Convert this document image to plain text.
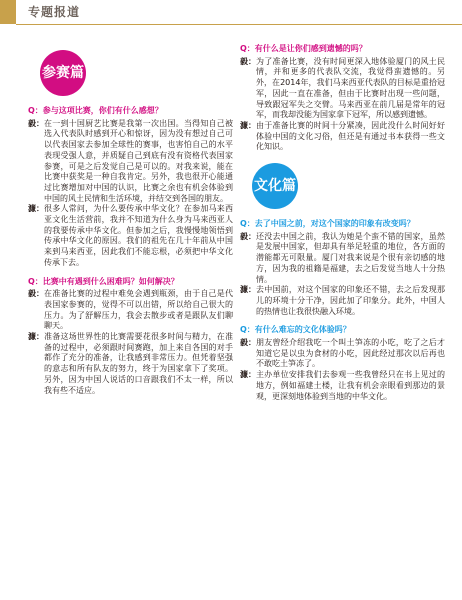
专题报道
参赛篇
Q：参与这项比赛，你们有什么感想？
毅： 在一到十国厨艺比赛是我第一次出国。当得知自己被选入代表队时感到开心和惊讶，因为没有想过自己可以代表国家去参加全球性的赛事，也害怕自己的水平表现受强人意，并质疑自己到底有没有资格代表国家参赛，可是之后发觉自己是可以的。对我来说，能在比赛中获奖是一种自我肯定。另外，我也很开心能通过比赛增加对中国的认识，比赛之余也有机会体验到中国的风土民情和生活环境，并结交到各国的朋友。
濂： 很多人常问，为什么要传承中华文化？在参加马来西亚文化生活营前，我并不知道为什么身为马来西亚人的我要传承中华文化。但参加之后，我慢慢地领悟到传承中华文化的原因。我们的祖先在几十年前从中国来到马来西亚，因此我们不能忘根，必须把中华文化传承下去。
Q：比赛中有遇到什么困难吗？如何解决？
毅： 在准备比赛的过程中难免会遇到瓶颈，由于自己是代表国家参赛的，觉得不可以出错，所以给自己很大的压力。为了舒解压力，我会去散步或者是跟队友们聊聊天。
濂： 准备这场世界性的比赛需要花很多时间与精力，在准备的过程中，必须跟时间赛跑，加上来自各国的对手都作了充分的准备，让我感到非常压力。但凭着坚强的意志和所有队友的努力，终于为国家拿下了奖项。另外，因为中国人说话的口音跟我们不太一样，所以我有些不适应。
Q：有什么是让你们感到遗憾的吗？
毅： 为了准备比赛，没有时间更深入地体验厦门的风土民情，并和更多的代表队交流，我觉得蛮遗憾的。另外，在2014年，我们马来西亚代表队的目标是重拾冠军，因此一直在准备，但由于比赛时出现一些问题，导致跟冠军失之交臂。马来西亚在前几届是常年的冠军，而我却没能为国家拿下冠军，所以感到遗憾。
濂： 由于准备比赛的时间十分紧凑，因此没什么时间好好体验中国的文化习俗，但还是有通过书本获得一些文化知识。
文化篇
Q：去了中国之前，对这个国家的印象有改变吗？
毅： 还没去中国之前，我认为她是个蛮不错的国家，虽然是发展中国家，但却具有举足轻重的地位，各方面的潜能都无可限量。厦门对我来说是个很有亲切感的地方，因为我的祖籍是福建，去之后发觉当地人十分热情。
濂： 去中国前，对这个国家的印象还不错，去之后发现那儿的环境十分干净，因此加了印象分。此外，中国人的热情也让我很快融入环境。
Q：有什么难忘的文化体验吗？
毅： 朋友曾经介绍我吃一个叫土笋冻的小吃，吃了之后才知道它是以虫为食材的小吃，因此经过那次以后再也不敢吃土笋冻了。
濂： 主办单位安排我们去参观一些我曾经只在书上见过的地方，例如福建土楼，让我有机会亲眼看到那边的景观，更深刻地体验到当地的中华文化。
